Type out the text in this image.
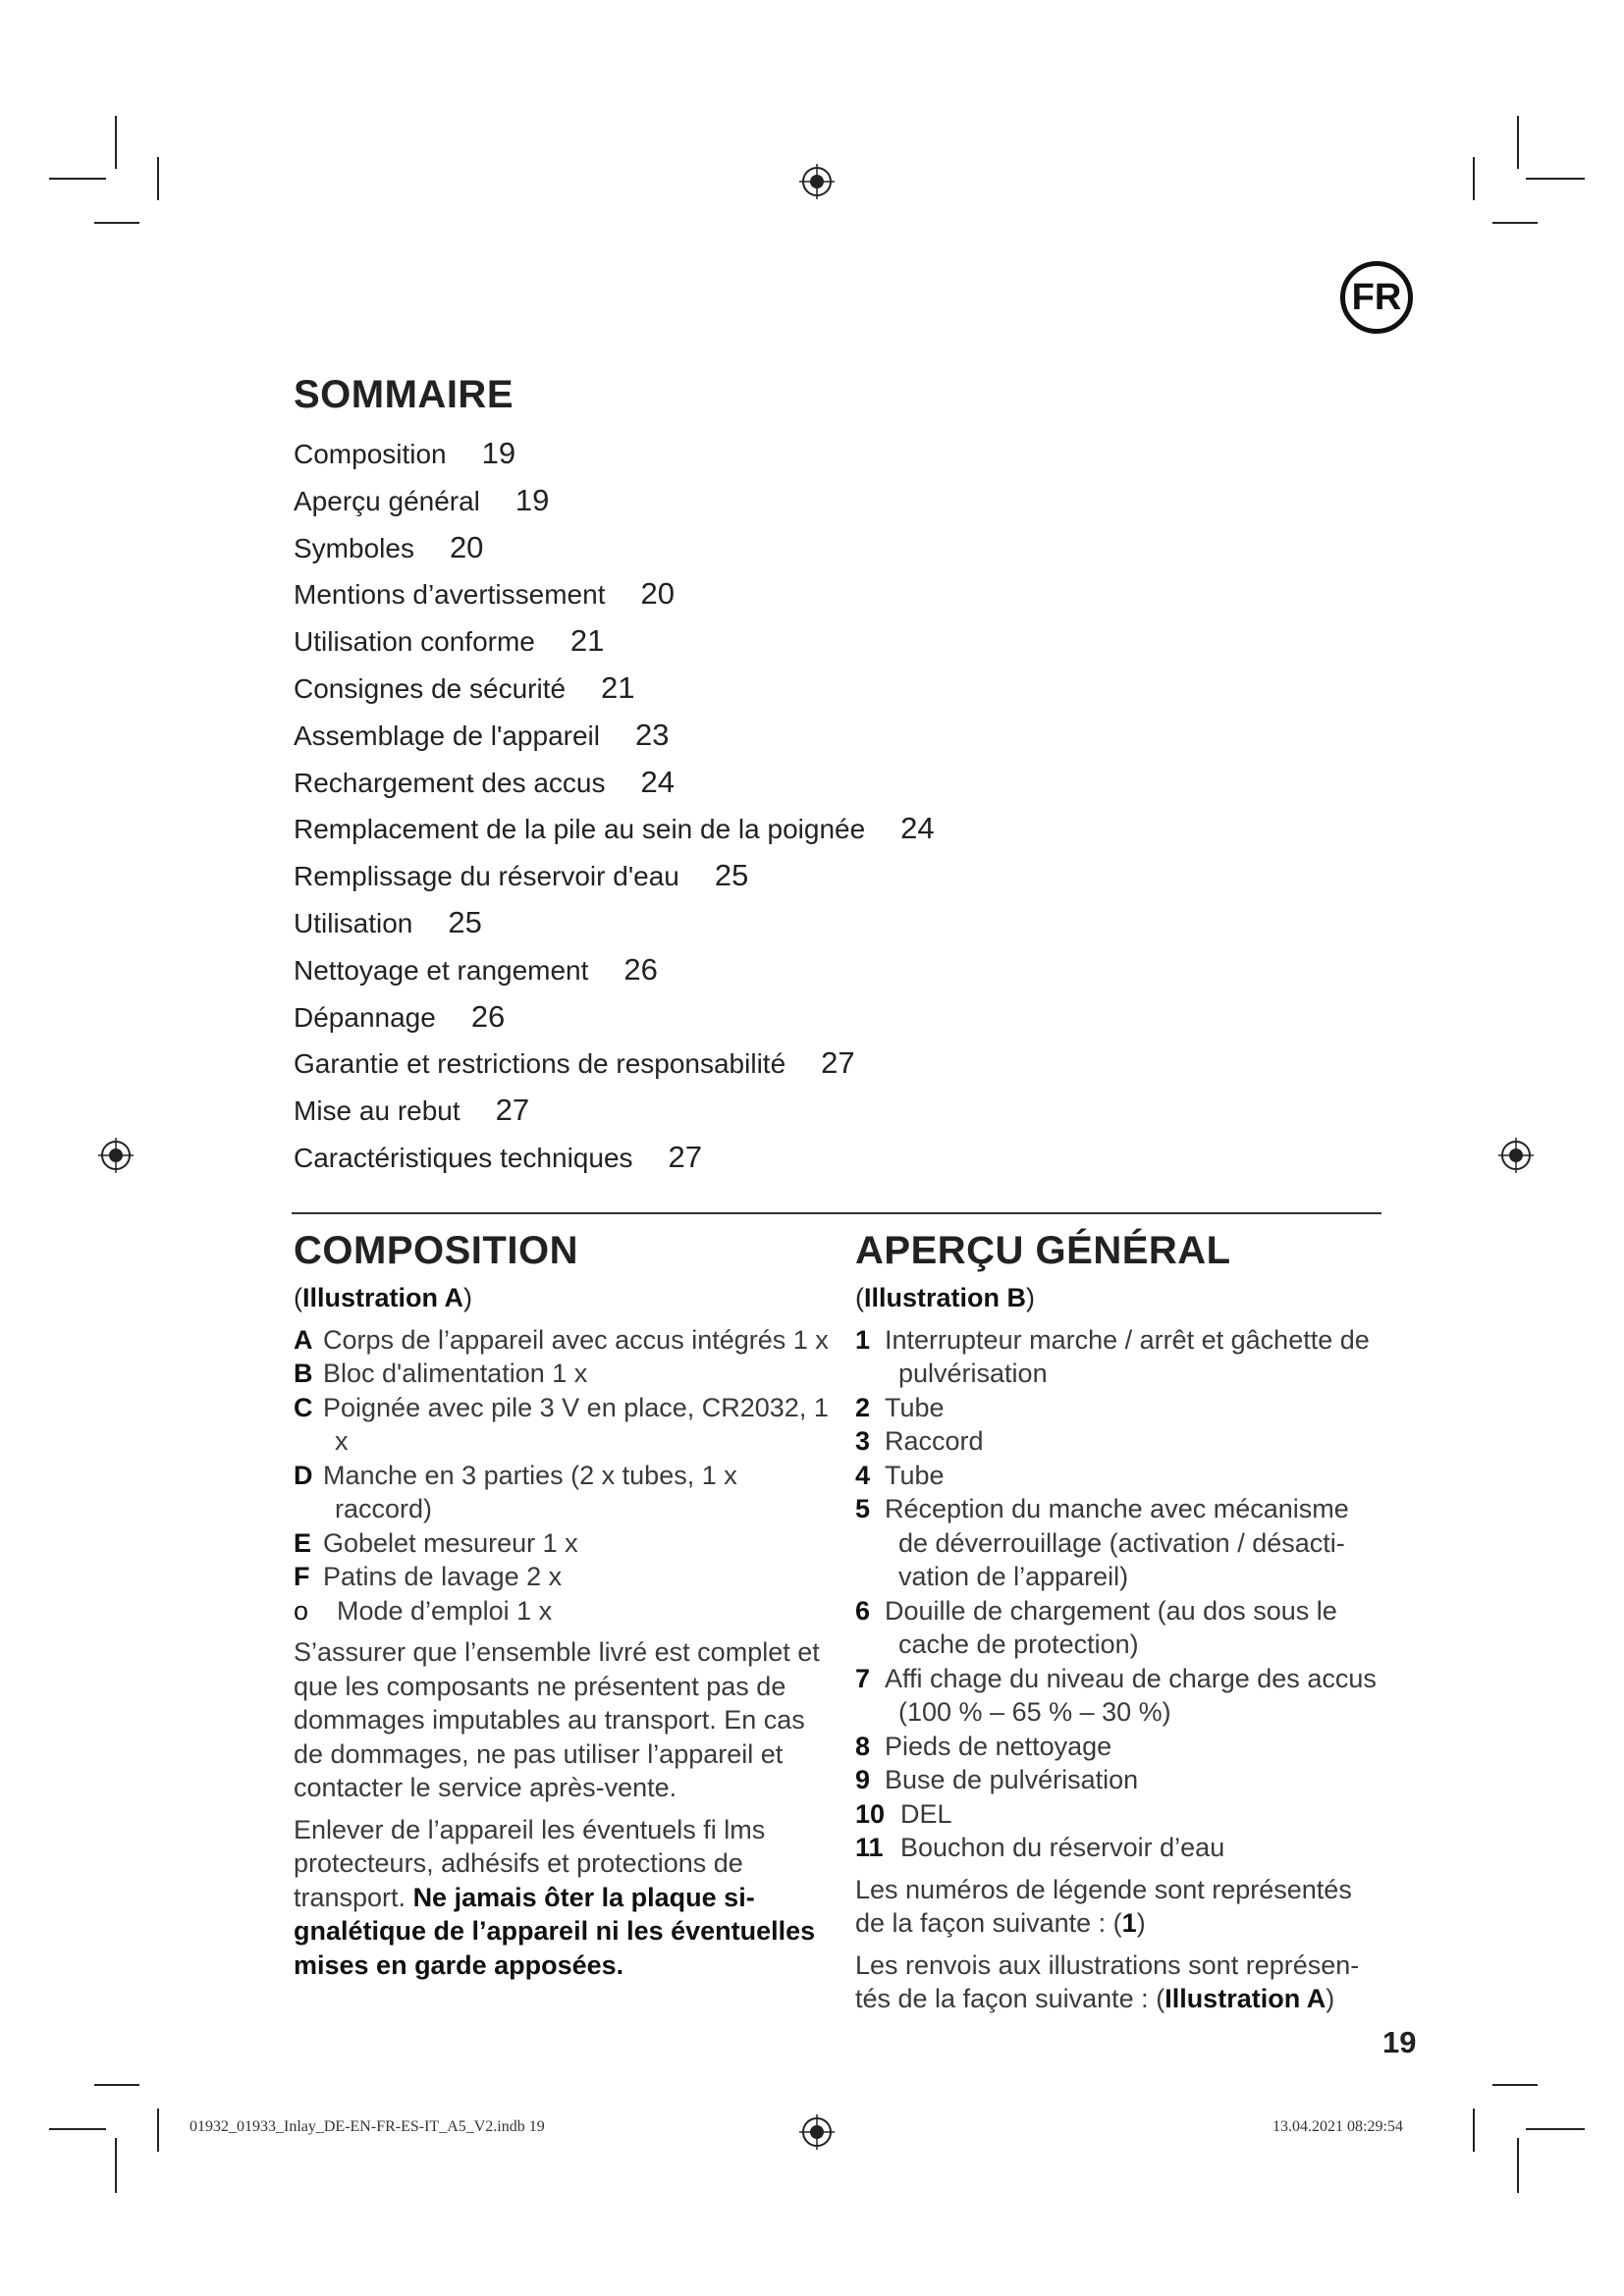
FR
SOMMAIRE
Composition 19
Aperçu général 19
Symboles 20
Mentions d’avertissement 20
Utilisation conforme 21
Consignes de sécurité 21
Assemblage de l'appareil 23
Rechargement des accus 24
Remplacement de la pile au sein de la poignée 24
Remplissage du réservoir d'eau 25
Utilisation 25
Nettoyage et rangement 26
Dépannage 26
Garantie et restrictions de responsabilité 27
Mise au rebut 27
Caractéristiques techniques 27
COMPOSITION

(Illustration A)

A Corps de l’appareil avec accus intégrés 1 x
B Bloc d'alimentation 1 x
C Poignée avec pile 3 V en place, CR2032, 1 x
D Manche en 3 parties (2 x tubes, 1 x raccord)
E Gobelet mesureur 1 x
F Patins de lavage 2 x
o	Mode d’emploi 1 x

S’assurer que l’ensemble livré est complet et que les composants ne présentent pas de dommages imputables au transport. En cas de dommages, ne pas utiliser l’appareil et contacter le service après-vente.

Enlever de l’appareil les éventuels fi lms protecteurs, adhésifs et protections de transport. Ne jamais ôter la plaque si-gnalétique de l’appareil ni les éventuelles mises en garde apposées.

APERÇU GÉNÉRAL

(Illustration B)

1 Interrupteur marche / arrêt et gâchette de pulvérisation
2 Tube
3 Raccord
4 Tube
5 Réception du manche avec mécanisme de déverrouillage (activation / désacti-vation de l’appareil)
6 Douille de chargement (au dos sous le cache de protection)
7 Affi chage du niveau de charge des accus (100 % – 65 % – 30 %)
8 Pieds de nettoyage
9 Buse de pulvérisation
10 DEL
11 Bouchon du réservoir d’eau

Les numéros de légende sont représentés de la façon suivante : (1)

Les renvois aux illustrations sont représen-tés de la façon suivante : (Illustration A)

19
01932_01933_Inlay_DE-EN-FR-ES-IT_A5_V2.indb 19	13.04.2021 08:29:54
